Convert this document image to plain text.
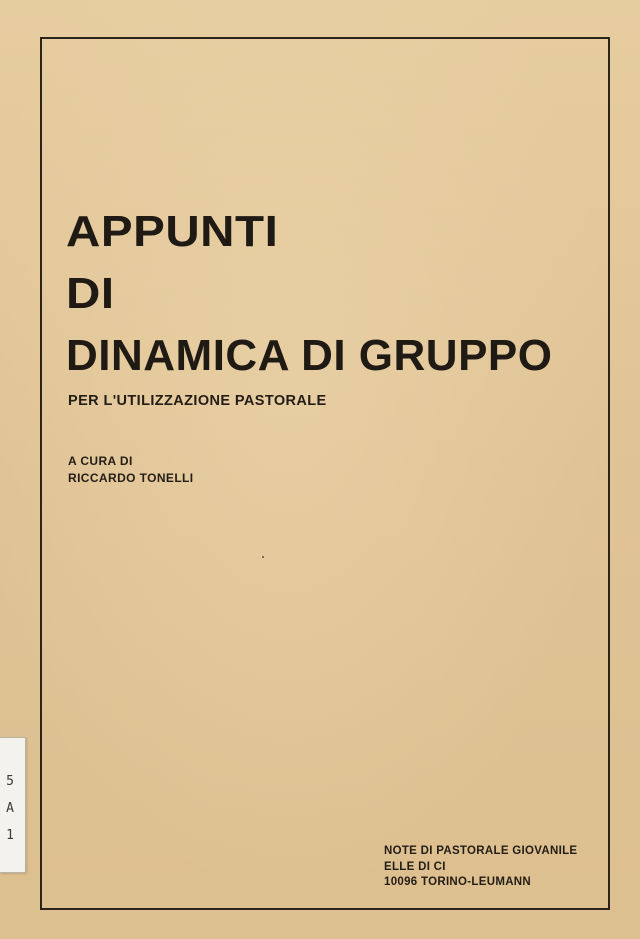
APPUNTI
DI
DINAMICA DI GRUPPO
PER L'UTILIZZAZIONE PASTORALE
A CURA DI
RICCARDO TONELLI
NOTE DI PASTORALE GIOVANILE
ELLE DI CI
10096 TORINO-LEUMANN
5
A
1
